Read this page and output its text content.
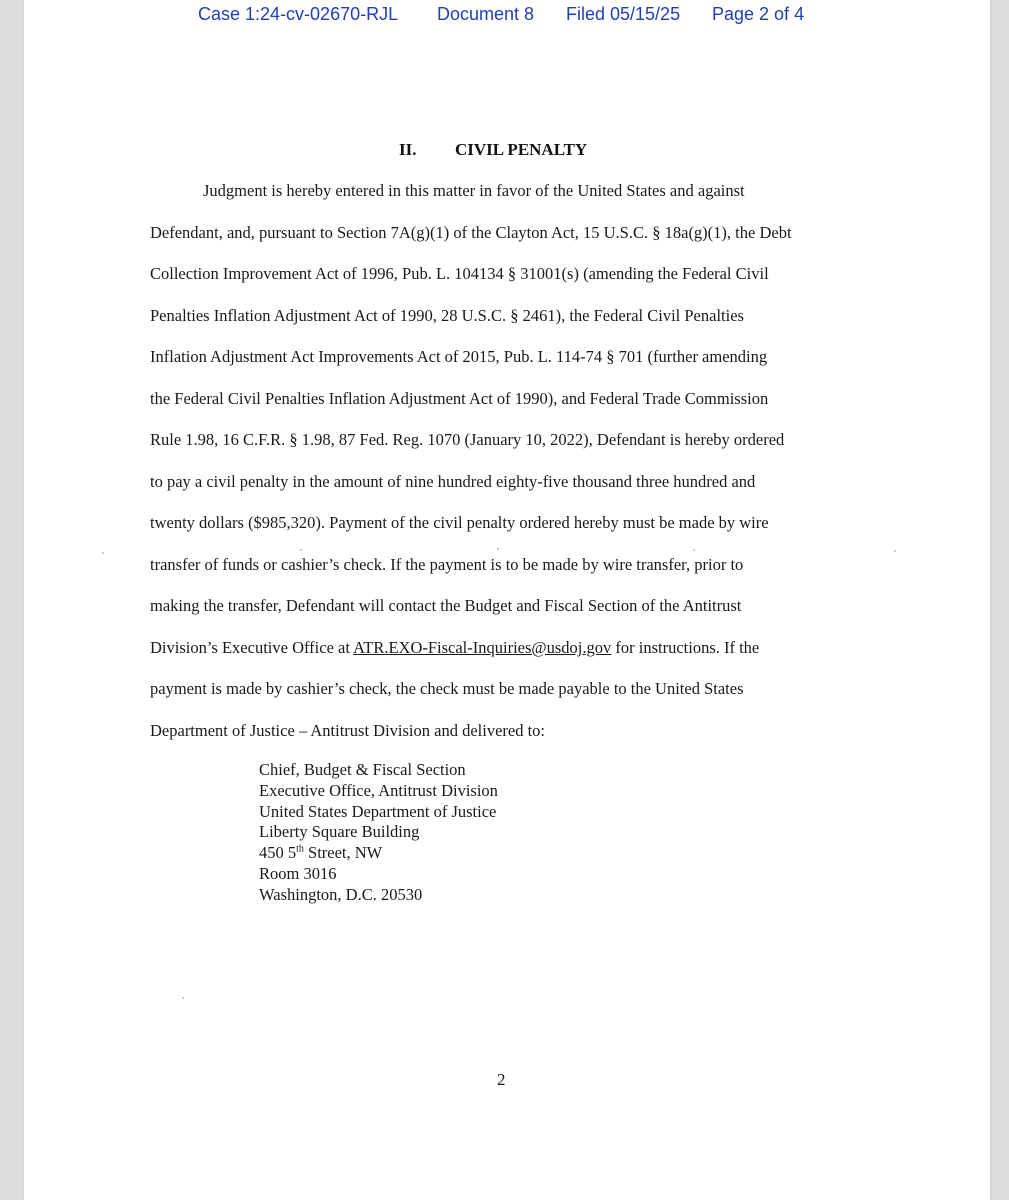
Case 1:24-cv-02670-RJL Document 8 Filed 05/15/25 Page 2 of 4
II. CIVIL PENALTY
Judgment is hereby entered in this matter in favor of the United States and against
Defendant, and, pursuant to Section 7A(g)(1) of the Clayton Act, 15 U.S.C. § 18a(g)(1), the Debt
Collection Improvement Act of 1996, Pub. L. 104134 § 31001(s) (amending the Federal Civil
Penalties Inflation Adjustment Act of 1990, 28 U.S.C. § 2461), the Federal Civil Penalties
Inflation Adjustment Act Improvements Act of 2015, Pub. L. 114-74 § 701 (further amending
the Federal Civil Penalties Inflation Adjustment Act of 1990), and Federal Trade Commission
Rule 1.98, 16 C.F.R. § 1.98, 87 Fed. Reg. 1070 (January 10, 2022), Defendant is hereby ordered
to pay a civil penalty in the amount of nine hundred eighty-five thousand three hundred and
twenty dollars ($985,320). Payment of the civil penalty ordered hereby must be made by wire
transfer of funds or cashier’s check. If the payment is to be made by wire transfer, prior to
making the transfer, Defendant will contact the Budget and Fiscal Section of the Antitrust
Division’s Executive Office at ATR.EXO-Fiscal-Inquiries@usdoj.gov for instructions. If the
payment is made by cashier’s check, the check must be made payable to the United States
Department of Justice – Antitrust Division and delivered to:
Chief, Budget & Fiscal Section
Executive Office, Antitrust Division
United States Department of Justice
Liberty Square Building
450 5th Street, NW
Room 3016
Washington, D.C. 20530
2
